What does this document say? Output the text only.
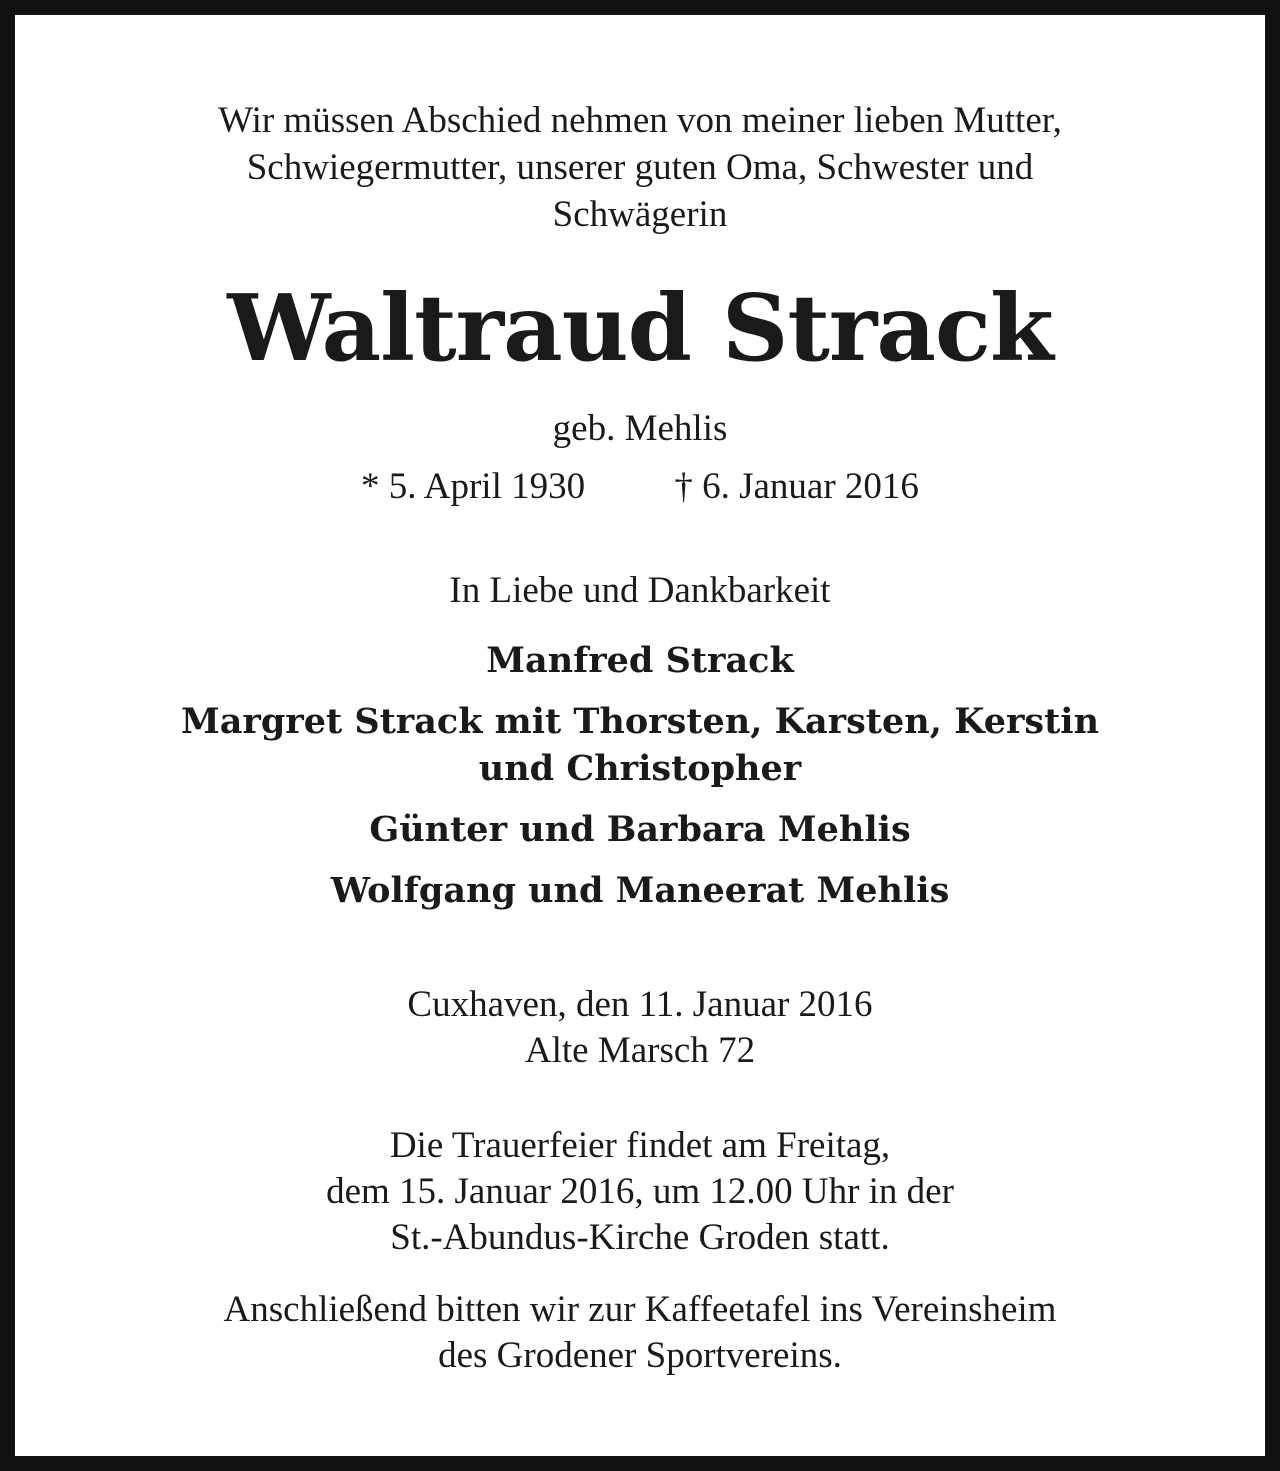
Wir müssen Abschied nehmen von meiner lieben Mutter,
Schwiegermutter, unserer guten Oma, Schwester und
Schwägerin
Waltraud Strack
geb. Mehlis
* 5. April 1930 † 6. Januar 2016
In Liebe und Dankbarkeit
Manfred Strack
Margret Strack mit Thorsten, Karsten, Kerstin
und Christopher
Günter und Barbara Mehlis
Wolfgang und Maneerat Mehlis
Cuxhaven, den 11. Januar 2016
Alte Marsch 72
Die Trauerfeier findet am Freitag,
dem 15. Januar 2016, um 12.00 Uhr in der
St.-Abundus-Kirche Groden statt.
Anschließend bitten wir zur Kaffeetafel ins Vereinsheim
des Grodener Sportvereins.
